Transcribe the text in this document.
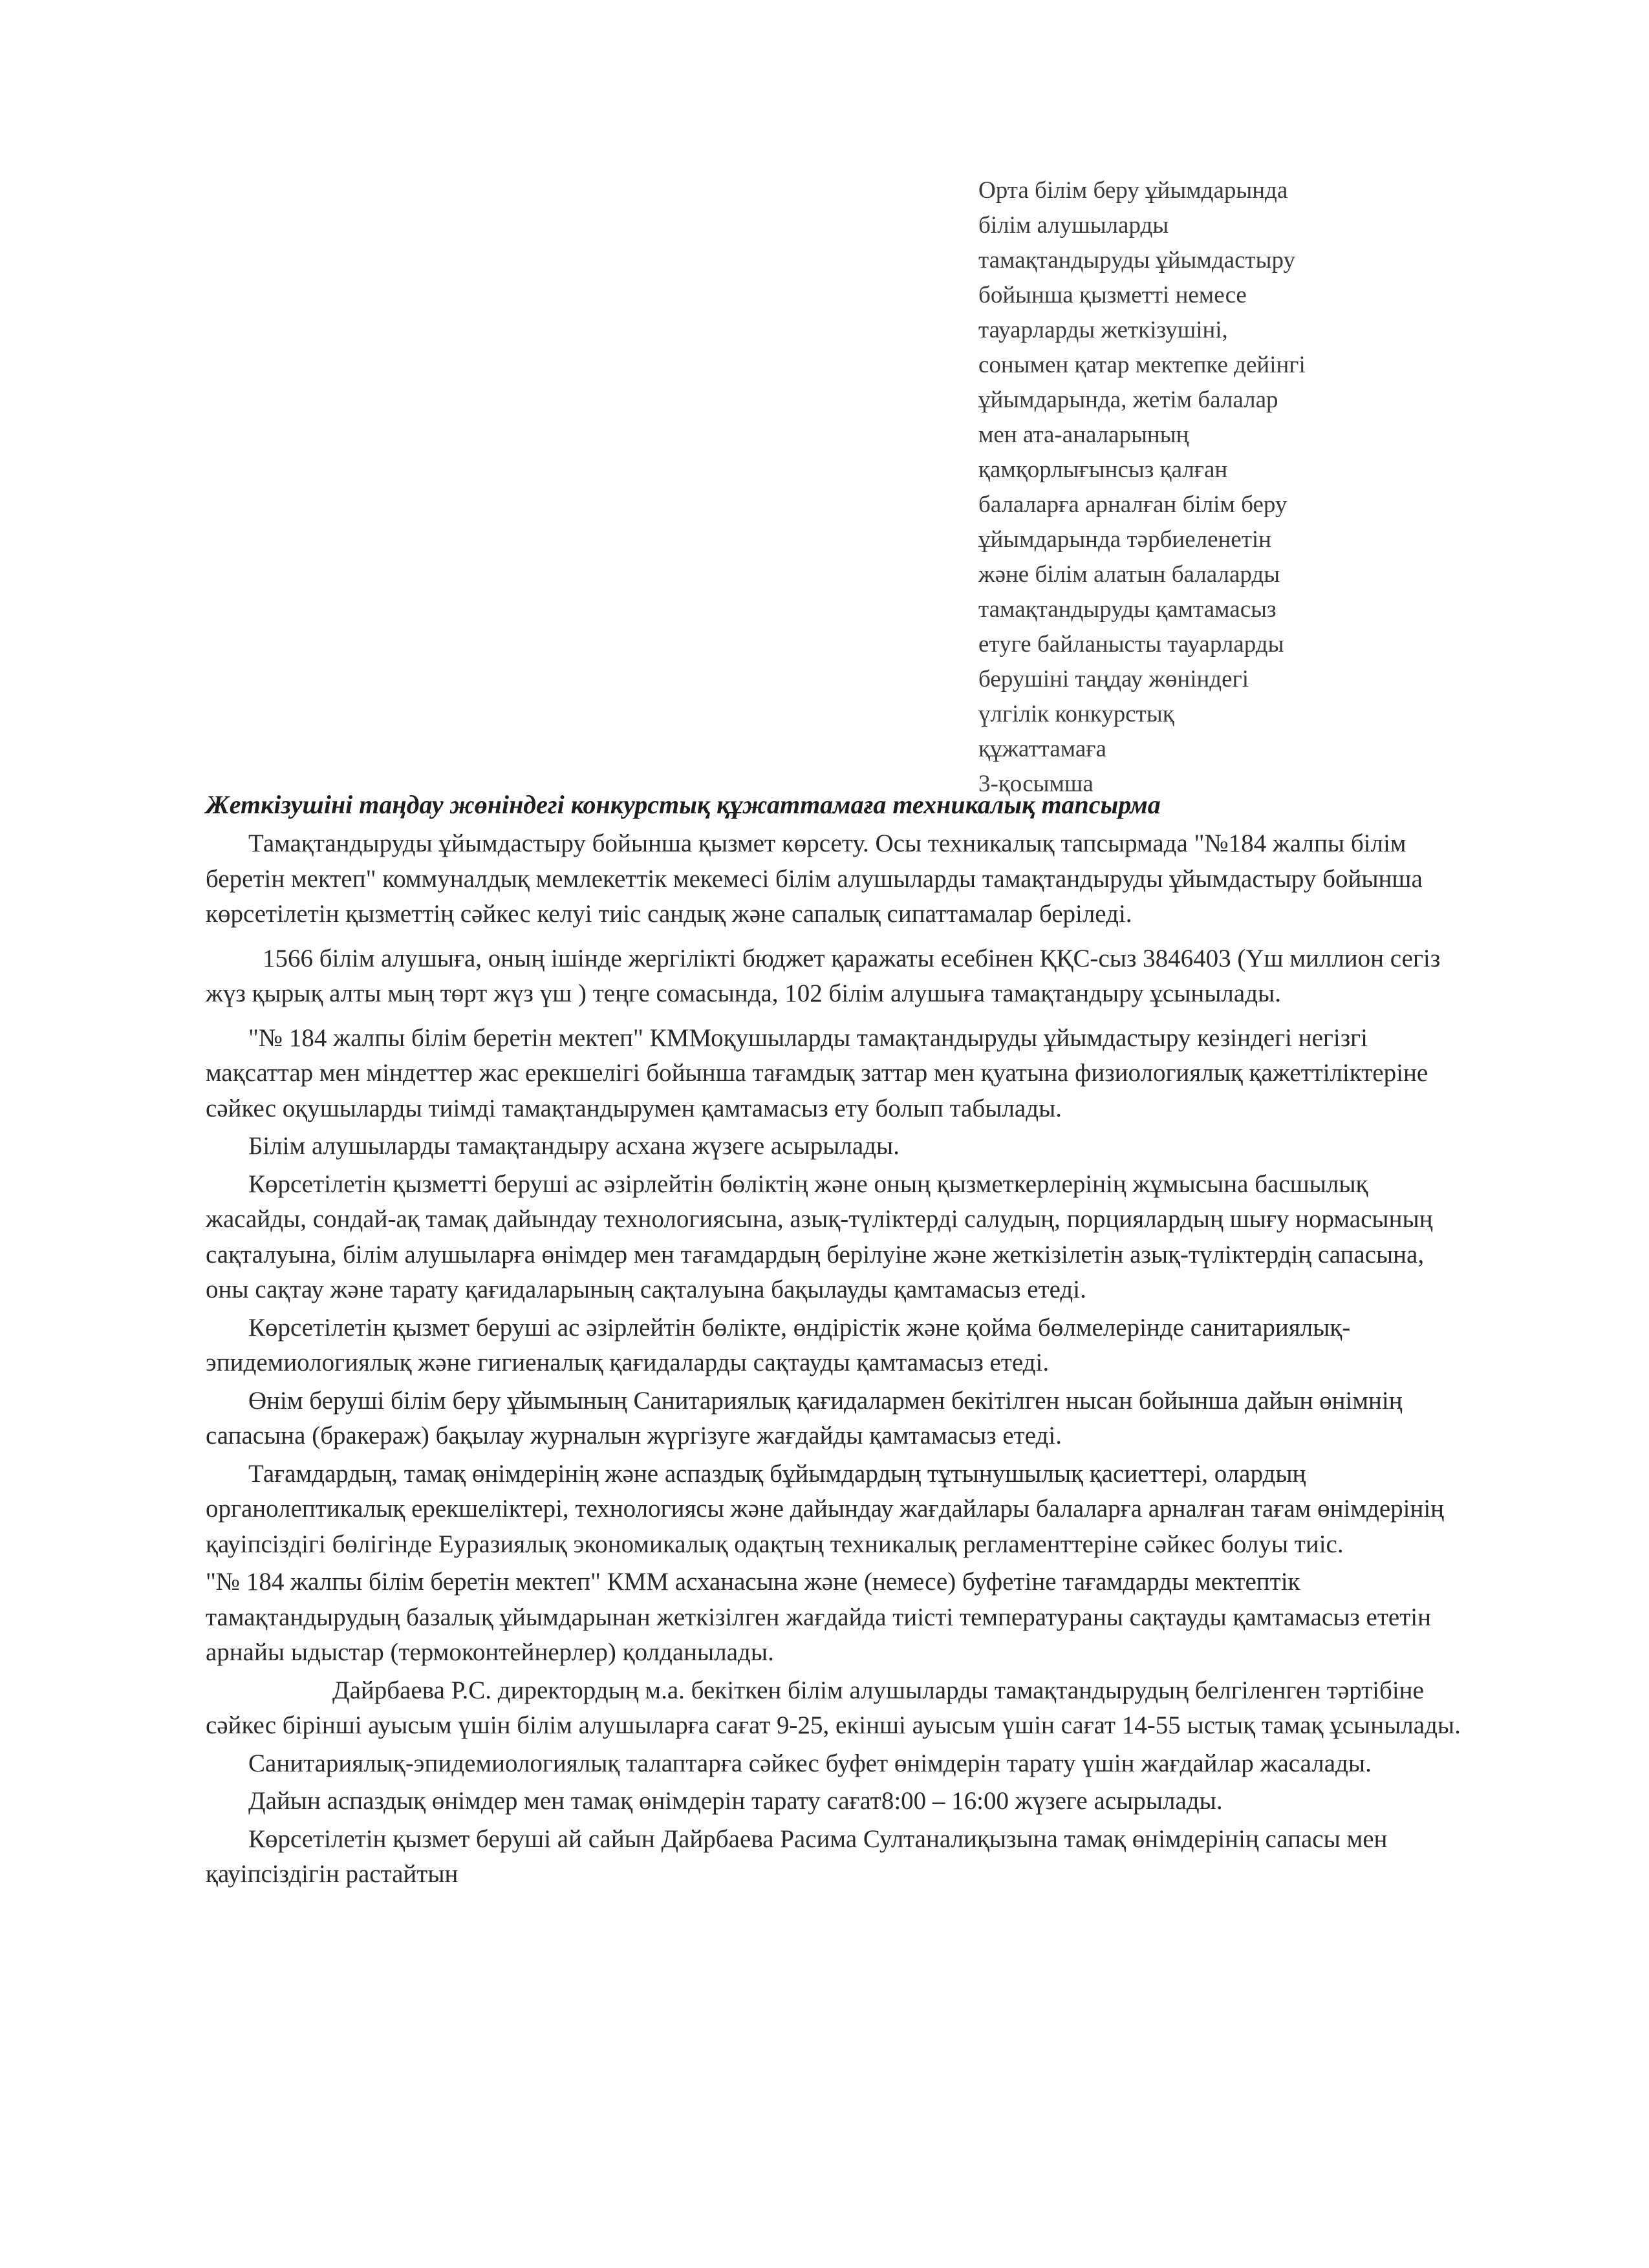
Орта білім беру ұйымдарында
білім алушыларды
тамақтандыруды ұйымдастыру
бойынша қызметті немесе
тауарларды жеткізушіні,
сонымен қатар мектепке дейінгі
ұйымдарында, жетім балалар
мен ата-аналарының
қамқорлығынсыз қалған
балаларға арналған білім беру
ұйымдарында тәрбиеленетін
және білім алатын балаларды
тамақтандыруды қамтамасыз
етуге байланысты тауарларды
берушіні таңдау жөніндегі
үлгілік конкурстық
құжаттамаға
3-қосымша
Жеткізушіні таңдау жөніндегі конкурстық құжаттамаға техникалық тапсырма

Тамақтандыруды ұйымдастыру бойынша қызмет көрсету. Осы техникалық тапсырмада "№184 жалпы білім беретін мектеп" коммуналдық мемлекеттік мекемесі білім алушыларды тамақтандыруды ұйымдастыру бойынша көрсетілетін қызметтің сәйкес келуі тиіс сандық және сапалық сипаттамалар беріледі.

1566 білім алушыға, оның ішінде жергілікті бюджет қаражаты есебінен ҚҚС-сыз 3846403 (Үш миллион сегіз жүз қырық алты мың төрт жүз үш ) теңге сомасында, 102 білім алушыға тамақтандыру ұсынылады.

"№ 184 жалпы білім беретін мектеп" КММоқушыларды тамақтандыруды ұйымдастыру кезіндегі негізгі мақсаттар мен міндеттер жас ерекшелігі бойынша тағамдық заттар мен қуатына физиологиялық қажеттіліктеріне сәйкес оқушыларды тиімді тамақтандырумен қамтамасыз ету болып табылады.

Білім алушыларды тамақтандыру асхана жүзеге асырылады.

Көрсетілетін қызметті беруші ас әзірлейтін бөліктің және оның қызметкерлерінің жұмысына басшылық жасайды, сондай-ақ тамақ дайындау технологиясына, азық-түліктерді салудың, порциялардың шығу нормасының сақталуына, білім алушыларға өнімдер мен тағамдардың берілуіне және жеткізілетін азық-түліктердің сапасына, оны сақтау және тарату қағидаларының сақталуына бақылауды қамтамасыз етеді.

Көрсетілетін қызмет беруші ас әзірлейтін бөлікте, өндірістік және қойма бөлмелерінде санитариялық-эпидемиологиялық және гигиеналық қағидаларды сақтауды қамтамасыз етеді.

Өнім беруші білім беру ұйымының Санитариялық қағидалармен бекітілген нысан бойынша дайын өнімнің сапасына (бракераж) бақылау журналын жүргізуге жағдайды қамтамасыз етеді.

Тағамдардың, тамақ өнімдерінің және аспаздық бұйымдардың тұтынушылық қасиеттері, олардың органолептикалық ерекшеліктері, технологиясы және дайындау жағдайлары балаларға арналған тағам өнімдерінің қауіпсіздігі бөлігінде Еуразиялық экономикалық одақтың техникалық регламенттеріне сәйкес болуы тиіс.

"№ 184 жалпы білім беретін мектеп" КММ асханасына және (немесе) буфетіне тағамдарды мектептік тамақтандырудың базалық ұйымдарынан жеткізілген жағдайда тиісті температураны сақтауды қамтамасыз ететін арнайы ыдыстар (термоконтейнерлер) қолданылады.

Дайрбаева Р.С. директордың м.а. бекіткен білім алушыларды тамақтандырудың белгіленген тәртібіне сәйкес бірінші ауысым үшін білім алушыларға сағат 9-25, екінші ауысым үшін сағат 14-55 ыстық тамақ ұсынылады.

Санитариялық-эпидемиологиялық талаптарға сәйкес буфет өнімдерін тарату үшін жағдайлар жасалады.

Дайын аспаздық өнімдер мен тамақ өнімдерін тарату сағат8:00 – 16:00 жүзеге асырылады.

Көрсетілетін қызмет беруші ай сайын Дайрбаева Расима Султаналиқызына тамақ өнімдерінің сапасы мен қауіпсіздігін растайтын
